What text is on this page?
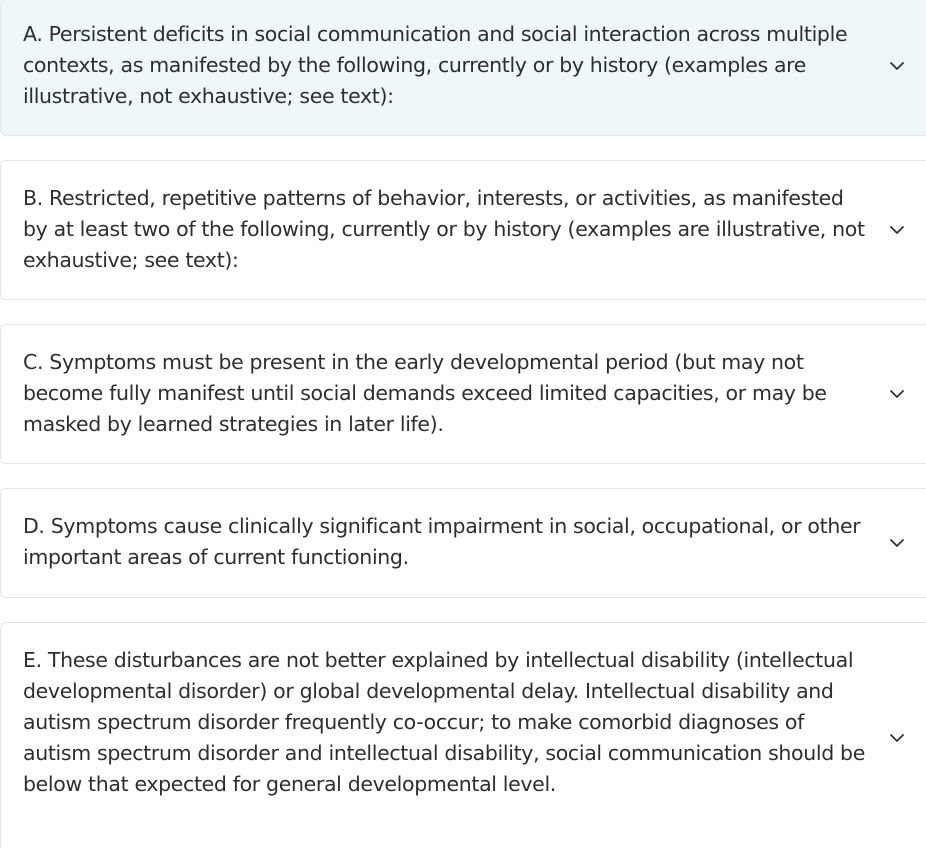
A. Persistent deficits in social communication and social interaction across multiple contexts, as manifested by the following, currently or by history (examples are illustrative, not exhaustive; see text):
B. Restricted, repetitive patterns of behavior, interests, or activities, as manifested by at least two of the following, currently or by history (examples are illustrative, not exhaustive; see text):
C. Symptoms must be present in the early developmental period (but may not become fully manifest until social demands exceed limited capacities, or may be masked by learned strategies in later life).
D. Symptoms cause clinically significant impairment in social, occupational, or other important areas of current functioning.
E. These disturbances are not better explained by intellectual disability (intellectual developmental disorder) or global developmental delay. Intellectual disability and autism spectrum disorder frequently co-occur; to make comorbid diagnoses of autism spectrum disorder and intellectual disability, social communication should be below that expected for general developmental level.
